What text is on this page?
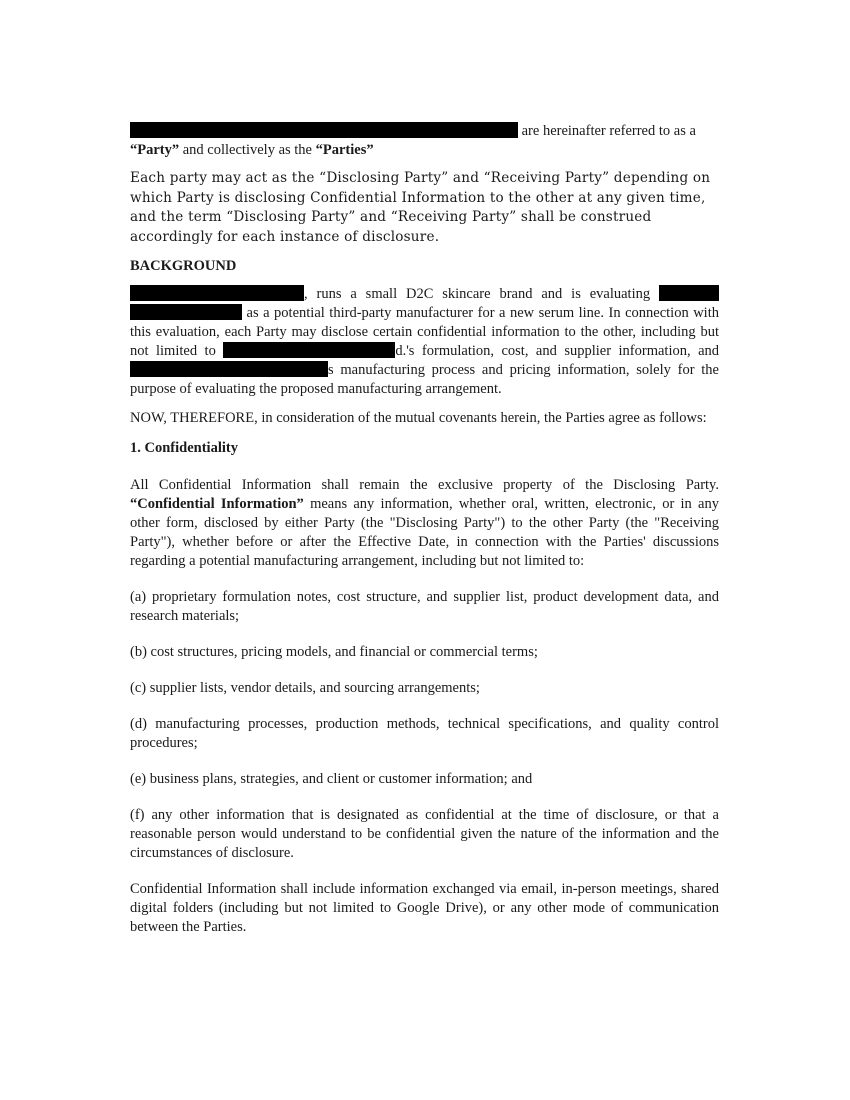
are hereinafter referred to as a
“Party” and collectively as the “Parties”

Each party may act as the “Disclosing Party” and “Receiving Party” depending on which Party is disclosing Confidential Information to the other at any given time, and the term “Disclosing Party” and “Receiving Party” shall be construed accordingly for each instance of disclosure.

BACKGROUND

, runs a small D2C skincare brand and is evaluating   as a potential third-party manufacturer for a new serum line. In connection with this evaluation, each Party may disclose certain confidential information to the other, including but not limited to	d.'s formulation, cost, and supplier information, and s manufacturing process and pricing information, solely for the purpose of evaluating the proposed manufacturing arrangement.

NOW, THEREFORE, in consideration of the mutual covenants herein, the Parties agree as follows:

1. Confidentiality

All Confidential Information shall remain the exclusive property of the Disclosing Party. “Confidential Information” means any information, whether oral, written, electronic, or in any other form, disclosed by either Party (the "Disclosing Party") to the other Party (the "Receiving Party"), whether before or after the Effective Date, in connection with the Parties' discussions regarding a potential manufacturing arrangement, including but not limited to:

(a) proprietary formulation notes, cost structure, and supplier list, product development data, and research materials;

(b) cost structures, pricing models, and financial or commercial terms;

(c) supplier lists, vendor details, and sourcing arrangements;

(d) manufacturing processes, production methods, technical specifications, and quality control procedures;

(e) business plans, strategies, and client or customer information; and

(f) any other information that is designated as confidential at the time of disclosure, or that a reasonable person would understand to be confidential given the nature of the information and the circumstances of disclosure.

Confidential Information shall include information exchanged via email, in-person meetings, shared digital folders (including but not limited to Google Drive), or any other mode of communication between the Parties.
